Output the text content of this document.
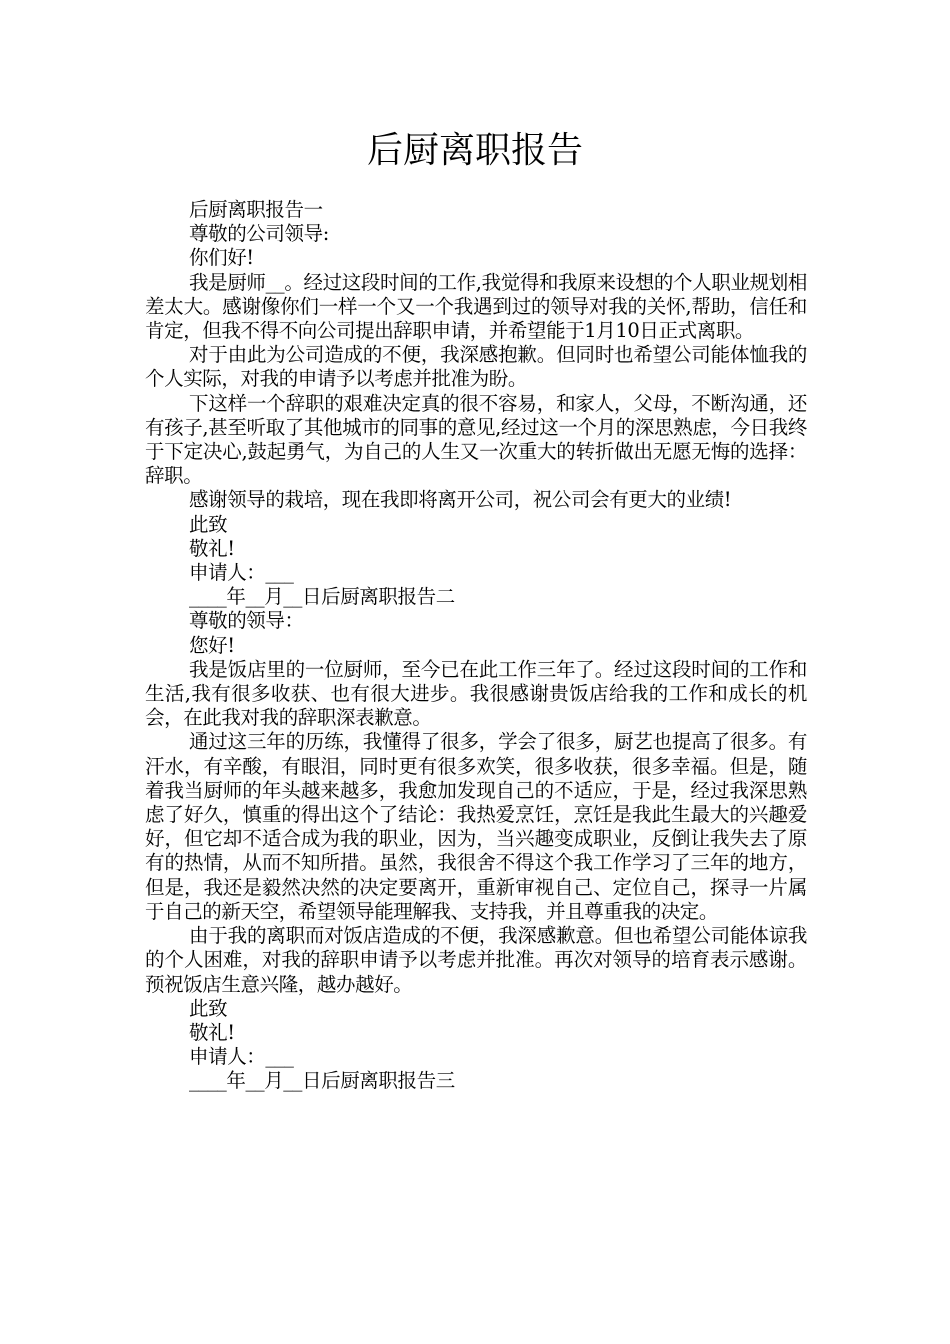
后厨离职报告

后厨离职报告一

尊敬的公司领导:

你们好!

我是厨师__。经过这段时间的工作,我觉得和我原来设想的个人职业规划相差太大。感谢像你们一样一个又一个我遇到过的领导对我的关怀,帮助，信任和肯定，但我不得不向公司提出辞职申请，并希望能于1月10日正式离职。

对于由此为公司造成的不便，我深感抱歉。但同时也希望公司能体恤我的个人实际，对我的申请予以考虑并批准为盼。

下这样一个辞职的艰难决定真的很不容易，和家人，父母，不断沟通，还有孩子,甚至听取了其他城市的同事的意见,经过这一个月的深思熟虑，今日我终于下定决心,鼓起勇气，为自己的人生又一次重大的转折做出无愿无悔的选择：辞职。

感谢领导的栽培，现在我即将离开公司，祝公司会有更大的业绩!

此致

敬礼!

申请人：___

____年__月__日后厨离职报告二

尊敬的领导：

您好!

我是饭店里的一位厨师，至今已在此工作三年了。经过这段时间的工作和生活,我有很多收获、也有很大进步。我很感谢贵饭店给我的工作和成长的机会，在此我对我的辞职深表歉意。

通过这三年的历练，我懂得了很多，学会了很多，厨艺也提高了很多。有汗水，有辛酸，有眼泪，同时更有很多欢笑，很多收获，很多幸福。但是，随着我当厨师的年头越来越多，我愈加发现自己的不适应，于是，经过我深思熟虑了好久，慎重的得出这个了结论：我热爱烹饪，烹饪是我此生最大的兴趣爱好，但它却不适合成为我的职业，因为，当兴趣变成职业，反倒让我失去了原有的热情，从而不知所措。虽然，我很舍不得这个我工作学习了三年的地方，但是，我还是毅然决然的决定要离开，重新审视自己、定位自己，探寻一片属于自己的新天空，希望领导能理解我、支持我，并且尊重我的决定。

由于我的离职而对饭店造成的不便，我深感歉意。但也希望公司能体谅我的个人困难，对我的辞职申请予以考虑并批准。再次对领导的培育表示感谢。预祝饭店生意兴隆，越办越好。

此致

敬礼!

申请人：___

____年__月__日后厨离职报告三
